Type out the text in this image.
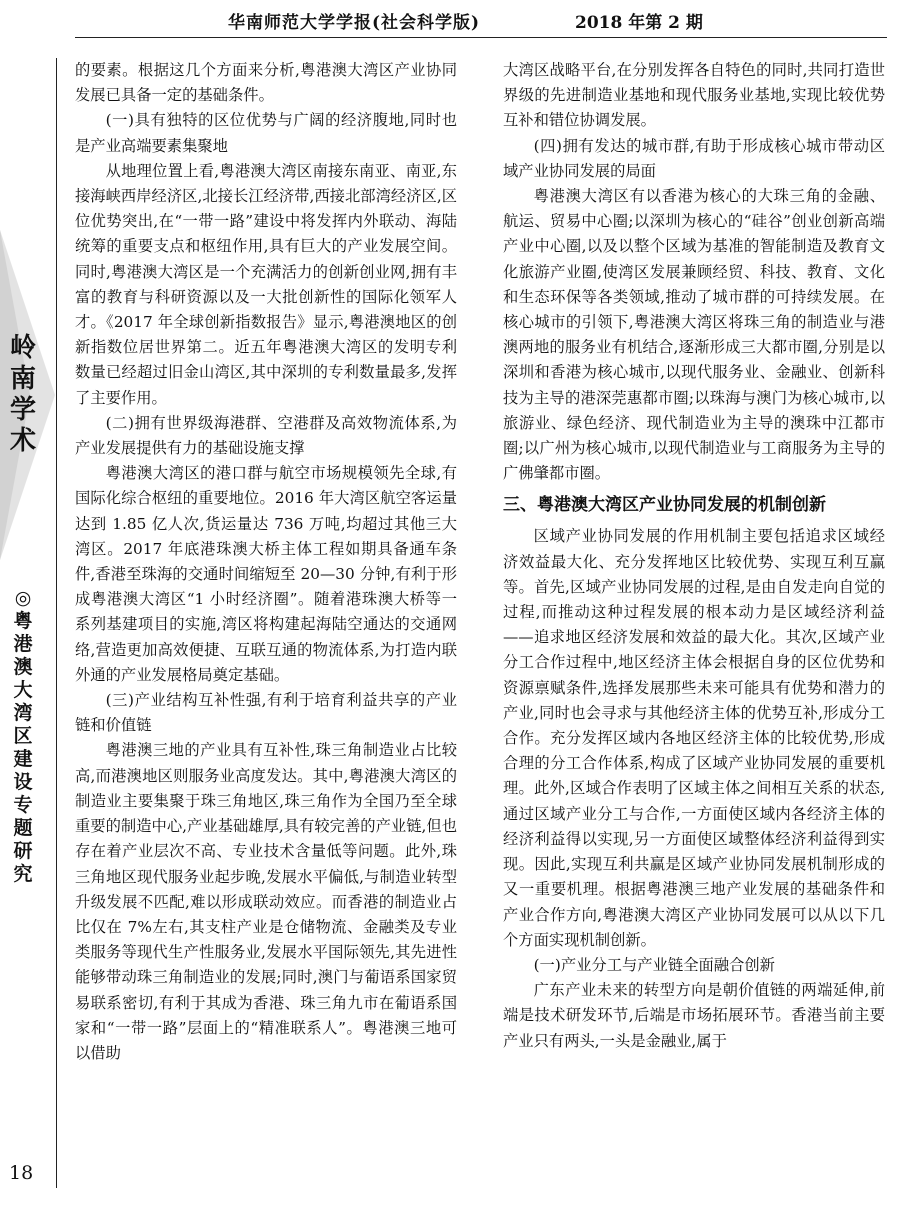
华南师范大学学报(社会科学版)	2018 年第 2 期
岭南学术
◎粤港澳大湾区建设专题研究
18

的要素。根据这几个方面来分析,粤港澳大湾区产业协同发展已具备一定的基础条件。

(一)具有独特的区位优势与广阔的经济腹地,同时也是产业高端要素集聚地

从地理位置上看,粤港澳大湾区南接东南亚、南亚,东接海峡西岸经济区,北接长江经济带,西接北部湾经济区,区位优势突出,在“一带一路”建设中将发挥内外联动、海陆统筹的重要支点和枢纽作用,具有巨大的产业发展空间。同时,粤港澳大湾区是一个充满活力的创新创业网,拥有丰富的教育与科研资源以及一大批创新性的国际化领军人才。《2017 年全球创新指数报告》显示,粤港澳地区的创新指数位居世界第二。近五年粤港澳大湾区的发明专利数量已经超过旧金山湾区,其中深圳的专利数量最多,发挥了主要作用。

(二)拥有世界级海港群、空港群及高效物流体系,为产业发展提供有力的基础设施支撑

粤港澳大湾区的港口群与航空市场规模领先全球,有国际化综合枢纽的重要地位。2016 年大湾区航空客运量达到 1.85 亿人次,货运量达 736 万吨,均超过其他三大湾区。2017 年底港珠澳大桥主体工程如期具备通车条件,香港至珠海的交通时间缩短至 20—30 分钟,有利于形成粤港澳大湾区“1 小时经济圈”。随着港珠澳大桥等一系列基建项目的实施,湾区将构建起海陆空通达的交通网络,营造更加高效便捷、互联互通的物流体系,为打造内联外通的产业发展格局奠定基础。

(三)产业结构互补性强,有利于培育利益共享的产业链和价值链

粤港澳三地的产业具有互补性,珠三角制造业占比较高,而港澳地区则服务业高度发达。其中,粤港澳大湾区的制造业主要集聚于珠三角地区,珠三角作为全国乃至全球重要的制造中心,产业基础雄厚,具有较完善的产业链,但也存在着产业层次不高、专业技术含量低等问题。此外,珠三角地区现代服务业起步晚,发展水平偏低,与制造业转型升级发展不匹配,难以形成联动效应。而香港的制造业占比仅在 7%左右,其支柱产业是仓储物流、金融类及专业类服务等现代生产性服务业,发展水平国际领先,其先进性能够带动珠三角制造业的发展;同时,澳门与葡语系国家贸易联系密切,有利于其成为香港、珠三角九市在葡语系国家和“一带一路”层面上的“精准联系人”。粤港澳三地可以借助

大湾区战略平台,在分别发挥各自特色的同时,共同打造世界级的先进制造业基地和现代服务业基地,实现比较优势互补和错位协调发展。

(四)拥有发达的城市群,有助于形成核心城市带动区域产业协同发展的局面

粤港澳大湾区有以香港为核心的大珠三角的金融、航运、贸易中心圈;以深圳为核心的“硅谷”创业创新高端产业中心圈,以及以整个区域为基准的智能制造及教育文化旅游产业圈,使湾区发展兼顾经贸、科技、教育、文化和生态环保等各类领域,推动了城市群的可持续发展。在核心城市的引领下,粤港澳大湾区将珠三角的制造业与港澳两地的服务业有机结合,逐渐形成三大都市圈,分别是以深圳和香港为核心城市,以现代服务业、金融业、创新科技为主导的港深莞惠都市圈;以珠海与澳门为核心城市,以旅游业、绿色经济、现代制造业为主导的澳珠中江都市圈;以广州为核心城市,以现代制造业与工商服务为主导的广佛肇都市圈。

三、粤港澳大湾区产业协同发展的机制创新

区域产业协同发展的作用机制主要包括追求区域经济效益最大化、充分发挥地区比较优势、实现互利互赢等。首先,区域产业协同发展的过程,是由自发走向自觉的过程,而推动这种过程发展的根本动力是区域经济利益——追求地区经济发展和效益的最大化。其次,区域产业分工合作过程中,地区经济主体会根据自身的区位优势和资源禀赋条件,选择发展那些未来可能具有优势和潜力的产业,同时也会寻求与其他经济主体的优势互补,形成分工合作。充分发挥区域内各地区经济主体的比较优势,形成合理的分工合作体系,构成了区域产业协同发展的重要机理。此外,区域合作表明了区域主体之间相互关系的状态,通过区域产业分工与合作,一方面使区域内各经济主体的经济利益得以实现,另一方面使区域整体经济利益得到实现。因此,实现互利共赢是区域产业协同发展机制形成的又一重要机理。根据粤港澳三地产业发展的基础条件和产业合作方向,粤港澳大湾区产业协同发展可以从以下几个方面实现机制创新。

(一)产业分工与产业链全面融合创新

广东产业未来的转型方向是朝价值链的两端延伸,前端是技术研发环节,后端是市场拓展环节。香港当前主要产业只有两头,一头是金融业,属于
